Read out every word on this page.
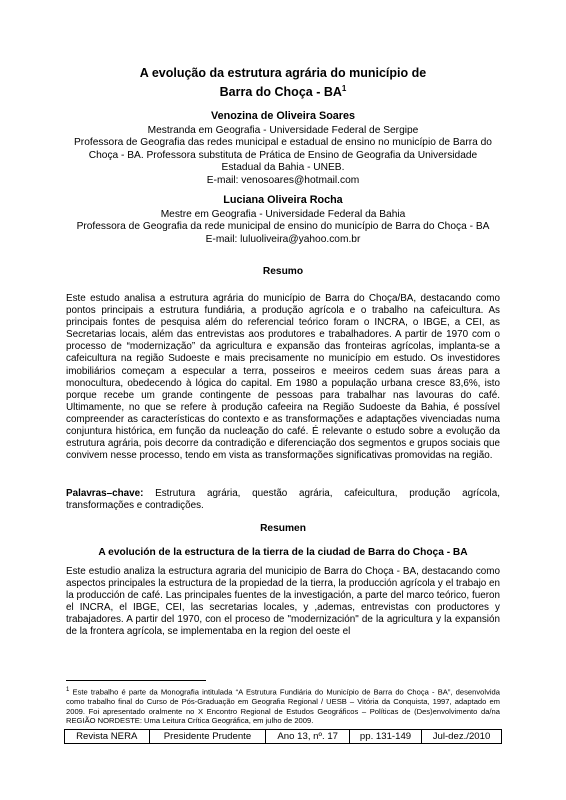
A evolução da estrutura agrária do município de
Barra do Choça - $BA^1$
Venozina de Oliveira Soares
Mestranda em Geografia - Universidade Federal de Sergipe
Professora de Geografia das redes municipal e estadual de ensino no município de Barra do
Choça - BA. Professora substituta de Prática de Ensino de Geografia da Universidade
Estadual da Bahia - UNEB.
E-mail: venosoares@hotmail.com
Luciana Oliveira Rocha
Mestre em Geografia - Universidade Federal da Bahia
Professora de Geografia da rede municipal de ensino do município de Barra do Choça - BA
E-mail: luluoliveira@yahoo.com.br
Resumo
Este estudo analisa a estrutura agrária do município de Barra do Choça/BA, destacando como pontos principais a estrutura fundiária, a produção agrícola e o trabalho na cafeicultura. As principais fontes de pesquisa além do referencial teórico foram o INCRA, o IBGE, a CEI, as Secretarias locais, além das entrevistas aos produtores e trabalhadores. A partir de 1970 com o processo de “modernização” da agricultura e expansão das fronteiras agrícolas, implanta-se a cafeicultura na região Sudoeste e mais precisamente no município em estudo. Os investidores imobiliários começam a especular a terra, posseiros e meeiros cedem suas áreas para a monocultura, obedecendo à lógica do capital. Em 1980 a população urbana cresce 83,6%, isto porque recebe um grande contingente de pessoas para trabalhar nas lavouras do café. Ultimamente, no que se refere à produção cafeeira na Região Sudoeste da Bahia, é possível compreender as características do contexto e as transformações e adaptações vivenciadas numa conjuntura histórica, em função da nucleação do café. É relevante o estudo sobre a evolução da estrutura agrária, pois decorre da contradição e diferenciação dos segmentos e grupos sociais que convivem nesse processo, tendo em vista as transformações significativas promovidas na região.
Palavras–chave: Estrutura agrária, questão agrária, cafeicultura, produção agrícola, transformações e contradições.
Resumen
A evolución de la estructura de la tierra de la ciudad de Barra do Choça - BA
Este estudio analiza la estructura agraria del municipio de Barra do Choça - BA, destacando como aspectos principales la estructura de la propiedad de la tierra, la producción agrícola y el trabajo en la producción de café. Las principales fuentes de la investigación, a parte del marco teórico, fueron el INCRA, el IBGE, CEI, las secretarias locales, y ,ademas, entrevistas con productores y trabajadores. A partir del 1970, con el proceso de "modernización" de la agricultura y la expansión de la frontera agrícola, se implementaba en la region del oeste el
$^1$ Este trabalho é parte da Monografia intitulada “A Estrutura Fundiária do Município de Barra do Choça - BA”, desenvolvida como trabalho final do Curso de Pós-Graduação em Geografia Regional / UESB – Vitória da Conquista, 1997, adaptado em 2009. Foi apresentado oralmente no X Encontro Regional de Estudos Geográficos – Políticas de (Des)envolvimento da/na REGIÃO NORDESTE: Uma Leitura Crítica Geográfica, em julho de 2009.
Revista NERA	Presidente Prudente	Ano 13, nº. 17	pp. 131-149	Jul-dez./2010
